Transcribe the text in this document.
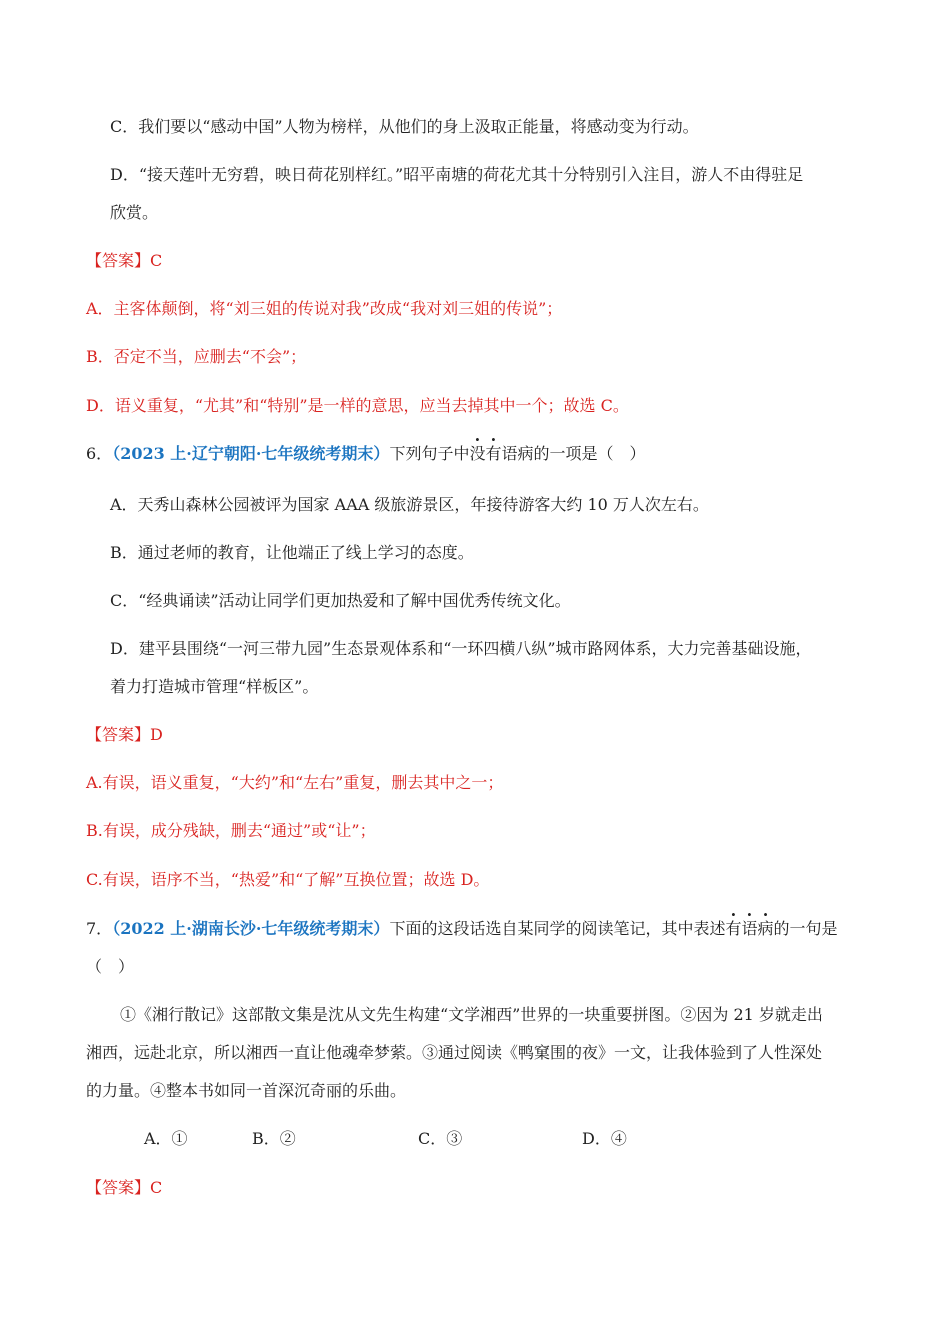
C．我们要以“感动中国”人物为榜样，从他们的身上汲取正能量，将感动变为行动。
D．“接天莲叶无穷碧，映日荷花别样红。”昭平南塘的荷花尤其十分特别引入注目，游人不由得驻足
欣赏。
【答案】C
A．主客体颠倒，将“刘三姐的传说对我”改成“我对刘三姐的传说”；
B．否定不当，应删去“不会”；
D．语义重复，“尤其”和“特别”是一样的意思，应当去掉其中一个；故选 C。
6．（2023 上·辽宁朝阳·七年级统考期末）下列句子中没有语病的一项是（　）
A．天秀山森林公园被评为国家 AAA 级旅游景区，年接待游客大约 10 万人次左右。
B．通过老师的教育，让他端正了线上学习的态度。
C．“经典诵读”活动让同学们更加热爱和了解中国优秀传统文化。
D．建平县围绕“一河三带九园”生态景观体系和“一环四横八纵”城市路网体系，大力完善基础设施，
着力打造城市管理“样板区”。
【答案】D
A.有误，语义重复，“大约”和“左右”重复，删去其中之一；
B.有误，成分残缺，删去“通过”或“让”；
C.有误，语序不当，“热爱”和“了解”互换位置；故选 D。
7．（2022 上·湖南长沙·七年级统考期末）下面的这段话选自某同学的阅读笔记，其中表述有语病的一句是
（　）
①《湘行散记》这部散文集是沈从文先生构建“文学湘西”世界的一块重要拼图。②因为 21 岁就走出
湘西，远赴北京，所以湘西一直让他魂牵梦萦。③通过阅读《鸭窠围的夜》一文，让我体验到了人性深处
的力量。④整本书如同一首深沉奇丽的乐曲。
A．①	B．②	C．③	D．④
【答案】C
